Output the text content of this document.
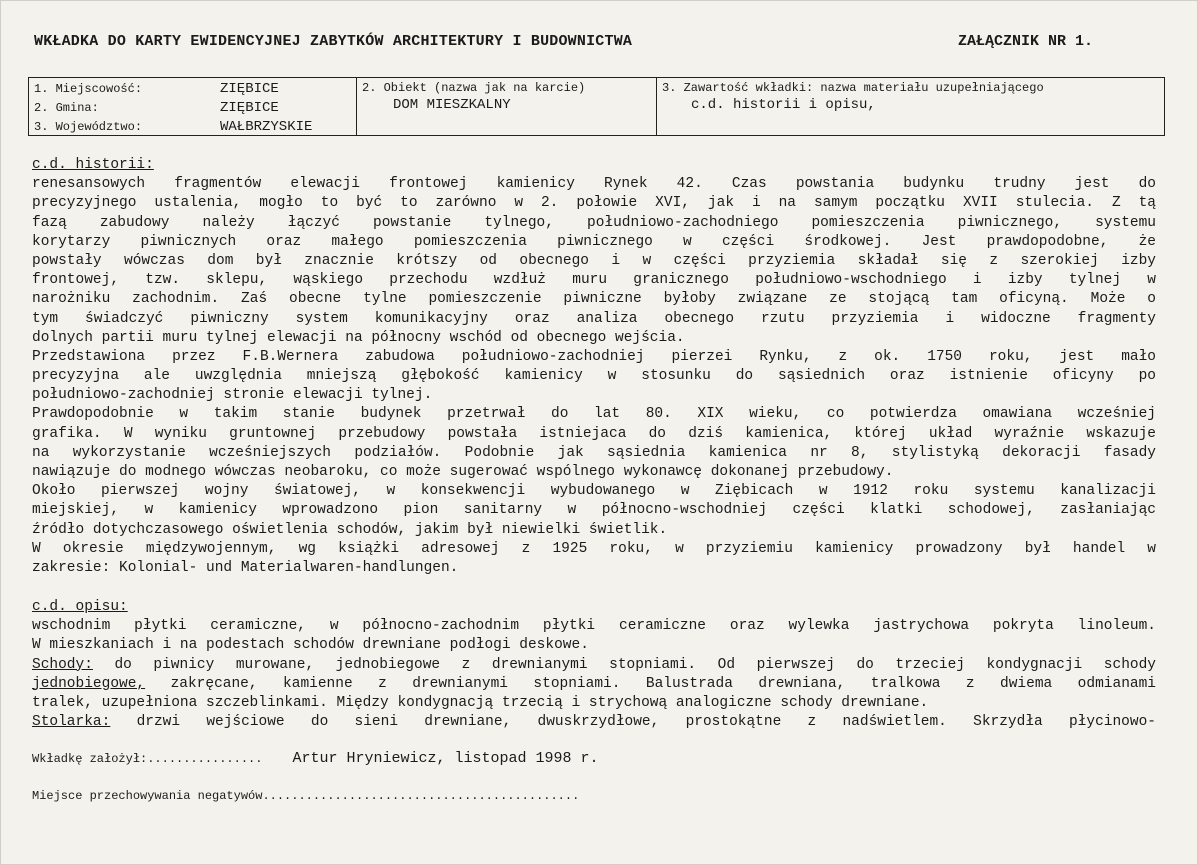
WKŁADKA DO KARTY EWIDENCYJNEJ ZABYTKÓW ARCHITEKTURY I BUDOWNICTWA	ZAŁĄCZNIK NR 1.
1. Miejscowość:	ZIĘBICE
2. Gmina:	ZIĘBICE
3. Województwo:	WAŁBRZYSKIE
2. Obiekt (nazwa jak na karcie)
DOM MIESZKALNY
3. Zawartość wkładki: nazwa materiału uzupełniającego
c.d. historii i opisu,
c.d. historii:
renesansowych fragmentów elewacji frontowej kamienicy Rynek 42. Czas powstania budynku trudny jest do
precyzyjnego ustalenia, mogło to być to zarówno w 2. połowie XVI, jak i na samym początku XVII stulecia. Z tą
fazą zabudowy należy łączyć powstanie tylnego, południowo-zachodniego pomieszczenia piwnicznego, systemu
korytarzy piwnicznych oraz małego pomieszczenia piwnicznego w części środkowej. Jest prawdopodobne, że
powstały wówczas dom był znacznie krótszy od obecnego i w części przyziemia składał się z szerokiej izby
frontowej, tzw. sklepu, wąskiego przechodu wzdłuż muru granicznego południowo-wschodniego i izby tylnej w
narożniku zachodnim. Zaś obecne tylne pomieszczenie piwniczne byłoby związane ze stojącą tam oficyną. Może o
tym świadczyć piwniczny system komunikacyjny oraz analiza obecnego rzutu przyziemia i widoczne fragmenty
dolnych partii muru tylnej elewacji na północny wschód od obecnego wejścia.
Przedstawiona przez F.B.Wernera zabudowa południowo-zachodniej pierzei Rynku, z ok. 1750 roku, jest mało
precyzyjna ale uwzględnia mniejszą głębokość kamienicy w stosunku do sąsiednich oraz istnienie oficyny po
południowo-zachodniej stronie elewacji tylnej.
Prawdopodobnie w takim stanie budynek przetrwał do lat 80. XIX wieku, co potwierdza omawiana wcześniej
grafika. W wyniku gruntownej przebudowy powstała istniejaca do dziś kamienica, której układ wyraźnie wskazuje
na wykorzystanie wcześniejszych podziałów. Podobnie jak sąsiednia kamienica nr 8, stylistyką dekoracji fasady
nawiązuje do modnego wówczas neobaroku, co może sugerować wspólnego wykonawcę dokonanej przebudowy.
Około pierwszej wojny światowej, w konsekwencji wybudowanego w Ziębicach w 1912 roku systemu kanalizacji
miejskiej, w kamienicy wprowadzono pion sanitarny w północno-wschodniej części klatki schodowej, zasłaniając
źródło dotychczasowego oświetlenia schodów, jakim był niewielki świetlik.
W okresie międzywojennym, wg książki adresowej z 1925 roku, w przyziemiu kamienicy prowadzony był handel w
zakresie: Kolonial- und Materialwaren-handlungen.
c.d. opisu:
wschodnim płytki ceramiczne, w północno-zachodnim płytki ceramiczne oraz wylewka jastrychowa pokryta linoleum.
W mieszkaniach i na podestach schodów drewniane podłogi deskowe.
Schody: do piwnicy murowane, jednobiegowe z drewnianymi stopniami. Od pierwszej do trzeciej kondygnacji schody
jednobiegowe, zakręcane, kamienne z drewnianymi stopniami. Balustrada drewniana, tralkowa z dwiema odmianami
tralek, uzupełniona szczeblinkami. Między kondygnacją trzecią i strychową analogiczne schody drewniane.
Stolarka: drzwi wejściowe do sieni drewniane, dwuskrzydłowe, prostokątne z nadświetlem. Skrzydła płycinowo-
Wkładkę założył:................ Artur Hryniewicz, listopad 1998 r.
Miejsce przechowywania negatywów............................................
